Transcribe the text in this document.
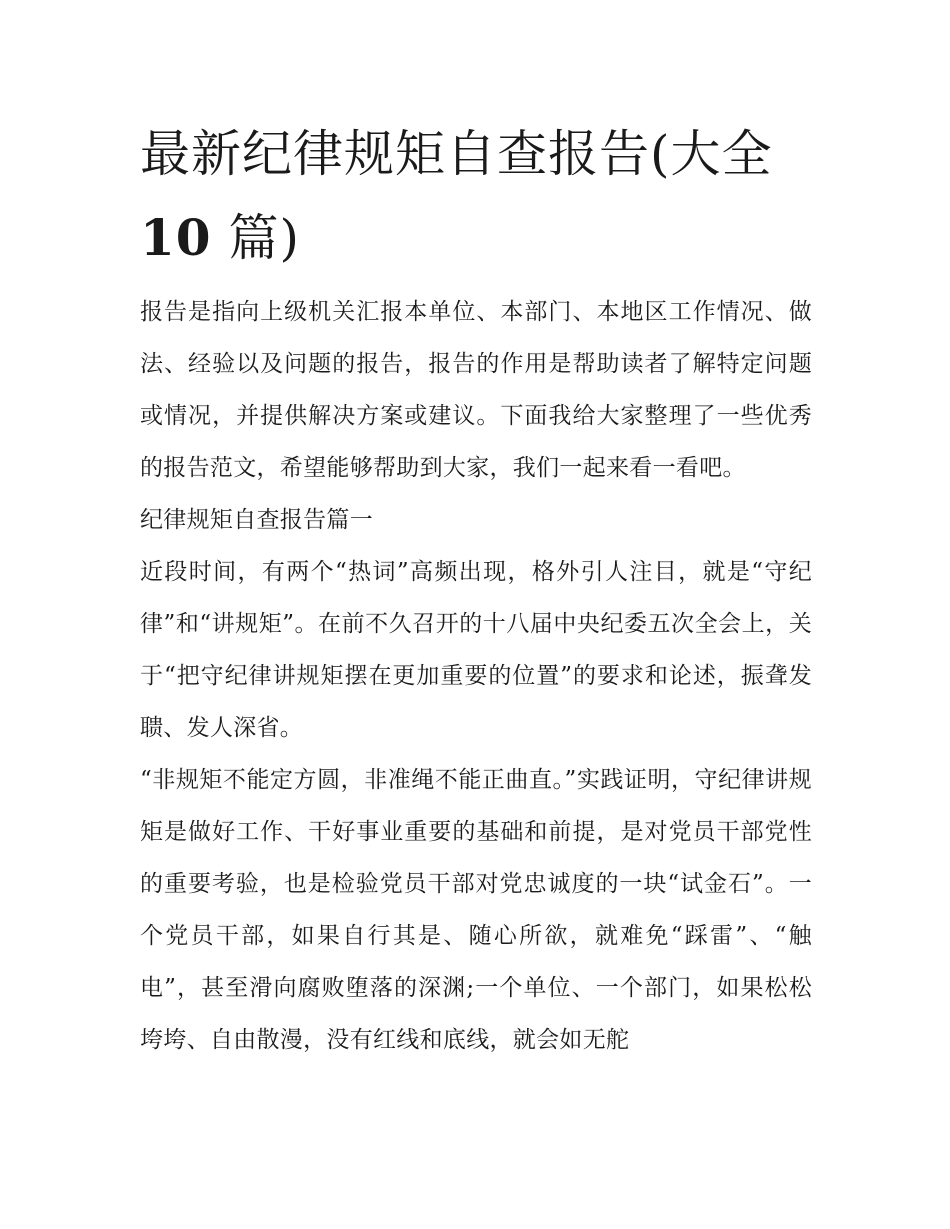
最新纪律规矩自查报告(大全
10 篇)

报告是指向上级机关汇报本单位、本部门、本地区工作情况、做法、经验以及问题的报告，报告的作用是帮助读者了解特定问题或情况，并提供解决方案或建议。下面我给大家整理了一些优秀的报告范文，希望能够帮助到大家，我们一起来看一看吧。

纪律规矩自查报告篇一

近段时间，有两个“热词”高频出现，格外引人注目，就是“守纪律”和“讲规矩”。在前不久召开的十八届中央纪委五次全会上，关于“把守纪律讲规矩摆在更加重要的位置”的要求和论述，振聋发聩、发人深省。

“非规矩不能定方圆，非准绳不能正曲直。”实践证明，守纪律讲规矩是做好工作、干好事业重要的基础和前提，是对党员干部党性的重要考验，也是检验党员干部对党忠诚度的一块“试金石”。一个党员干部，如果自行其是、随心所欲，就难免“踩雷”、“触电”，甚至滑向腐败堕落的深渊;一个单位、一个部门，如果松松垮垮、自由散漫，没有红线和底线，就会如无舵
